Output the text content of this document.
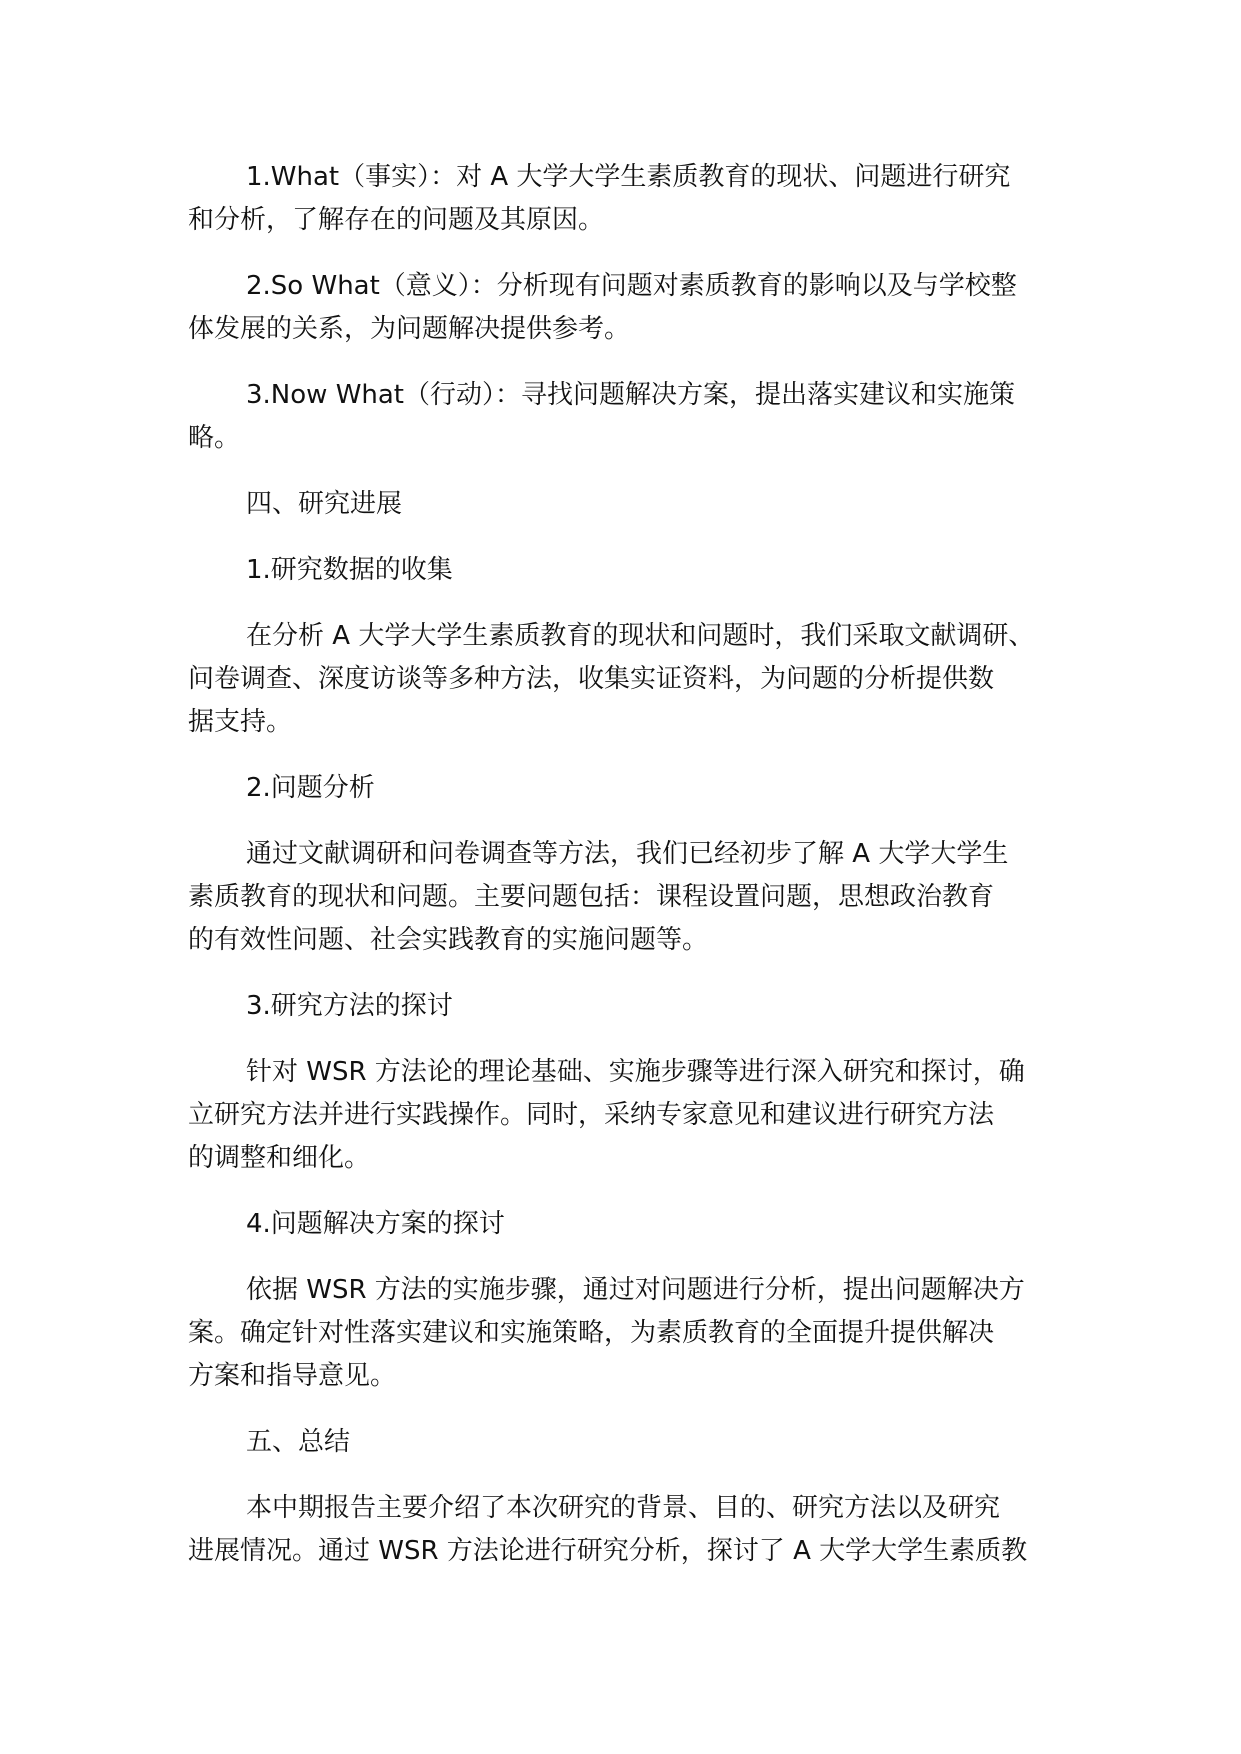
1.What（事实）：对 A 大学大学生素质教育的现状、问题进行研究
和分析，了解存在的问题及其原因。
2.So What（意义）：分析现有问题对素质教育的影响以及与学校整
体发展的关系，为问题解决提供参考。
3.Now What（行动）：寻找问题解决方案，提出落实建议和实施策
略。
四、研究进展
1.研究数据的收集
在分析 A 大学大学生素质教育的现状和问题时，我们采取文献调研、
问卷调查、深度访谈等多种方法，收集实证资料，为问题的分析提供数
据支持。
2.问题分析
通过文献调研和问卷调查等方法，我们已经初步了解 A 大学大学生
素质教育的现状和问题。主要问题包括：课程设置问题，思想政治教育
的有效性问题、社会实践教育的实施问题等。
3.研究方法的探讨
针对 WSR 方法论的理论基础、实施步骤等进行深入研究和探讨，确
立研究方法并进行实践操作。同时，采纳专家意见和建议进行研究方法
的调整和细化。
4.问题解决方案的探讨
依据 WSR 方法的实施步骤，通过对问题进行分析，提出问题解决方
案。确定针对性落实建议和实施策略，为素质教育的全面提升提供解决
方案和指导意见。
五、总结
本中期报告主要介绍了本次研究的背景、目的、研究方法以及研究
进展情况。通过 WSR 方法论进行研究分析，探讨了 A 大学大学生素质教
